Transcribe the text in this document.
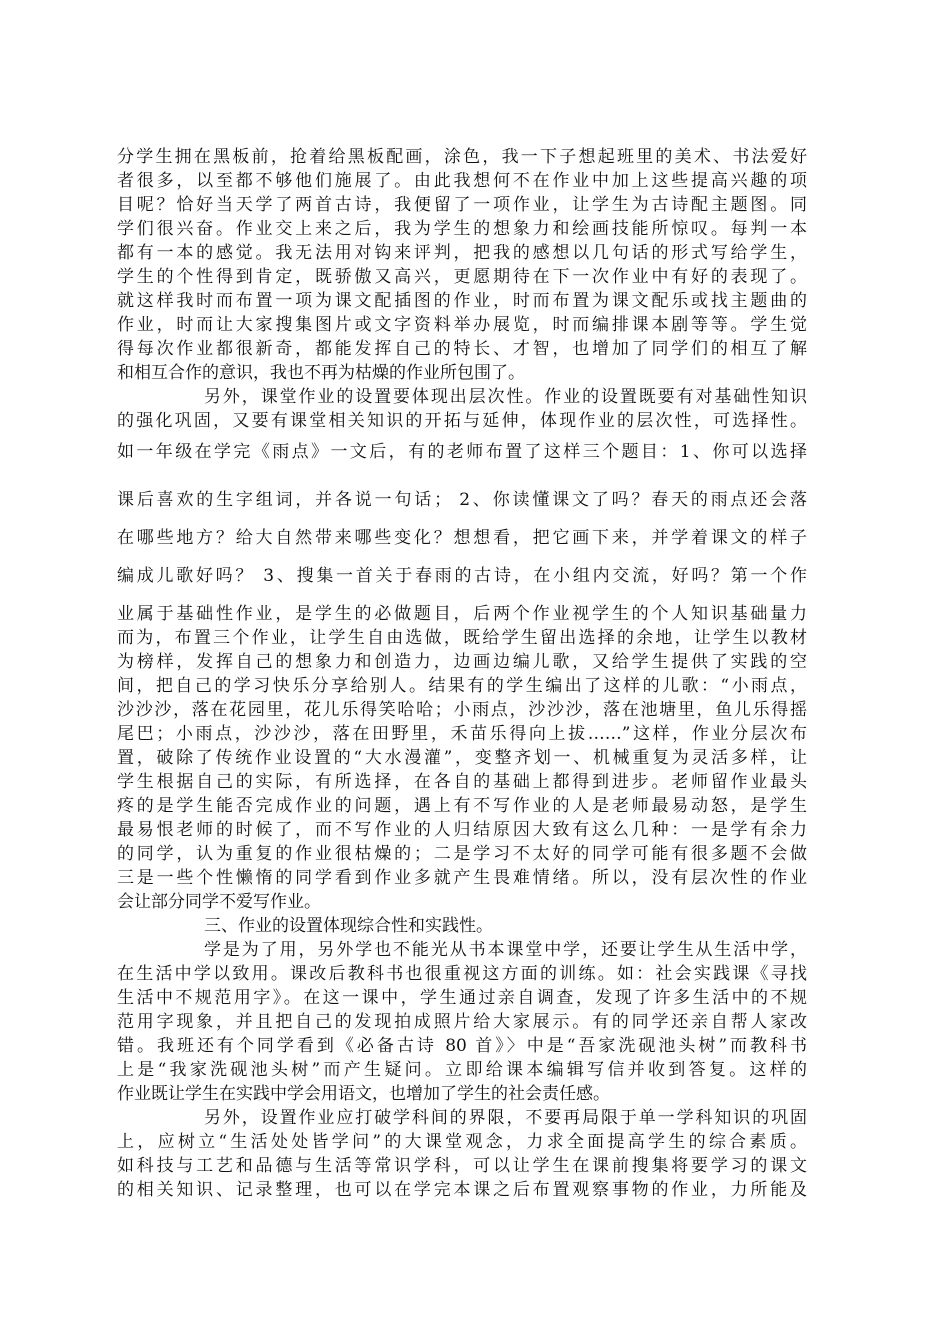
分学生拥在黑板前，抢着给黑板配画，涂色，我一下子想起班里的美术、书法爱好
者很多，以至都不够他们施展了。由此我想何不在作业中加上这些提高兴趣的项
目呢？恰好当天学了两首古诗，我便留了一项作业，让学生为古诗配主题图。同
学们很兴奋。作业交上来之后，我为学生的想象力和绘画技能所惊叹。每判一本
都有一本的感觉。我无法用对钩来评判，把我的感想以几句话的形式写给学生，
学生的个性得到肯定，既骄傲又高兴，更愿期待在下一次作业中有好的表现了。
就这样我时而布置一项为课文配插图的作业，时而布置为课文配乐或找主题曲的
作业，时而让大家搜集图片或文字资料举办展览，时而编排课本剧等等。学生觉
得每次作业都很新奇，都能发挥自己的特长、才智，也增加了同学们的相互了解
和相互合作的意识，我也不再为枯燥的作业所包围了。
另外，课堂作业的设置要体现出层次性。作业的设置既要有对基础性知识
的强化巩固，又要有课堂相关知识的开拓与延伸，体现作业的层次性，可选择性。
如一年级在学完《雨点》一文后，有的老师布置了这样三个题目：1、你可以选择
课后喜欢的生字组词，并各说一句话； 2、你读懂课文了吗？春天的雨点还会落
在哪些地方？给大自然带来哪些变化？想想看，把它画下来，并学着课文的样子
编成儿歌好吗？ 3、搜集一首关于春雨的古诗，在小组内交流，好吗？第一个作
业属于基础性作业，是学生的必做题目，后两个作业视学生的个人知识基础量力
而为，布置三个作业，让学生自由选做，既给学生留出选择的余地，让学生以教材
为榜样，发挥自己的想象力和创造力，边画边编儿歌，又给学生提供了实践的空
间，把自己的学习快乐分享给别人。结果有的学生编出了这样的儿歌：“小雨点，
沙沙沙，落在花园里，花儿乐得笑哈哈；小雨点，沙沙沙，落在池塘里，鱼儿乐得摇
尾巴；小雨点，沙沙沙，落在田野里，禾苗乐得向上拔……”这样，作业分层次布
置，破除了传统作业设置的“大水漫灌”，变整齐划一、机械重复为灵活多样，让
学生根据自己的实际，有所选择，在各自的基础上都得到进步。老师留作业最头
疼的是学生能否完成作业的问题，遇上有不写作业的人是老师最易动怒，是学生
最易恨老师的时候了，而不写作业的人归结原因大致有这么几种：一是学有余力
的同学，认为重复的作业很枯燥的；二是学习不太好的同学可能有很多题不会做
三是一些个性懒惰的同学看到作业多就产生畏难情绪。所以，没有层次性的作业
会让部分同学不爱写作业。
三、作业的设置体现综合性和实践性。
学是为了用，另外学也不能光从书本课堂中学，还要让学生从生活中学，
在生活中学以致用。课改后教科书也很重视这方面的训练。如：社会实践课《寻找
生活中不规范用字》。在这一课中，学生通过亲自调查，发现了许多生活中的不规
范用字现象，并且把自己的发现拍成照片给大家展示。有的同学还亲自帮人家改
错。我班还有个同学看到《必备古诗 80 首》〉中是“吾家洗砚池头树”而教科书
上是“我家洗砚池头树”而产生疑问。立即给课本编辑写信并收到答复。这样的
作业既让学生在实践中学会用语文，也增加了学生的社会责任感。
另外，设置作业应打破学科间的界限，不要再局限于单一学科知识的巩固
上，应树立“生活处处皆学问”的大课堂观念，力求全面提高学生的综合素质。
如科技与工艺和品德与生活等常识学科，可以让学生在课前搜集将要学习的课文
的相关知识、记录整理，也可以在学完本课之后布置观察事物的作业，力所能及
